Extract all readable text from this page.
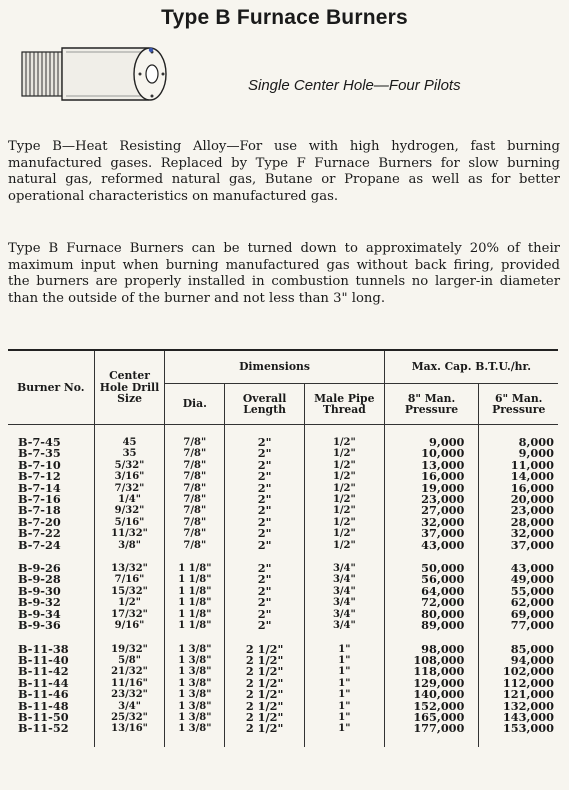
Type B Furnace Burners
Single Center Hole—Four Pilots

Type B—Heat Resisting Alloy—For use with high hydrogen, fast burning manufactured gases. Replaced by Type F Furnace Burners for slow burning natural gas, reformed natural gas, Butane or Propane as well as for better operational characteristics on manufactured gas.

Type B Furnace Burners can be turned down to approximately 20% of their maximum input when burning manufactured gas without back firing, provided the burners are properly installed in combustion tunnels no larger-in diameter than the outside of the burner and not less than 3" long.

Burner No.	Center Hole Drill Size	Dimensions			Max. Cap. B.T.U./hr.	
		Dia.	Overall Length	Male Pipe Thread	8" Man. Pressure	6" Man. Pressure

B-7-45	45	7/8"	2"	1/2"	9,000	8,000
B-7-35	35	7/8"	2"	1/2"	10,000	9,000
B-7-10	5/32"	7/8"	2"	1/2"	13,000	11,000
B-7-12	3/16"	7/8"	2"	1/2"	16,000	14,000
B-7-14	7/32"	7/8"	2"	1/2"	19,000	16,000
B-7-16	1/4"	7/8"	2"	1/2"	23,000	20,000
B-7-18	9/32"	7/8"	2"	1/2"	27,000	23,000
B-7-20	5/16"	7/8"	2"	1/2"	32,000	28,000
B-7-22	11/32"	7/8"	2"	1/2"	37,000	32,000
B-7-24	3/8"	7/8"	2"	1/2"	43,000	37,000

B-9-26	13/32"	1 1/8"	2"	3/4"	50,000	43,000
B-9-28	7/16"	1 1/8"	2"	3/4"	56,000	49,000
B-9-30	15/32"	1 1/8"	2"	3/4"	64,000	55,000
B-9-32	1/2"	1 1/8"	2"	3/4"	72,000	62,000
B-9-34	17/32"	1 1/8"	2"	3/4"	80,000	69,000
B-9-36	9/16"	1 1/8"	2"	3/4"	89,000	77,000

B-11-38	19/32"	1 3/8"	2 1/2"	1"	98,000	85,000
B-11-40	5/8"	1 3/8"	2 1/2"	1"	108,000	94,000
B-11-42	21/32"	1 3/8"	2 1/2"	1"	118,000	102,000
B-11-44	11/16"	1 3/8"	2 1/2"	1"	129,000	112,000
B-11-46	23/32"	1 3/8"	2 1/2"	1"	140,000	121,000
B-11-48	3/4"	1 3/8"	2 1/2"	1"	152,000	132,000
B-11-50	25/32"	1 3/8"	2 1/2"	1"	165,000	143,000
B-11-52	13/16"	1 3/8"	2 1/2"	1"	177,000	153,000
